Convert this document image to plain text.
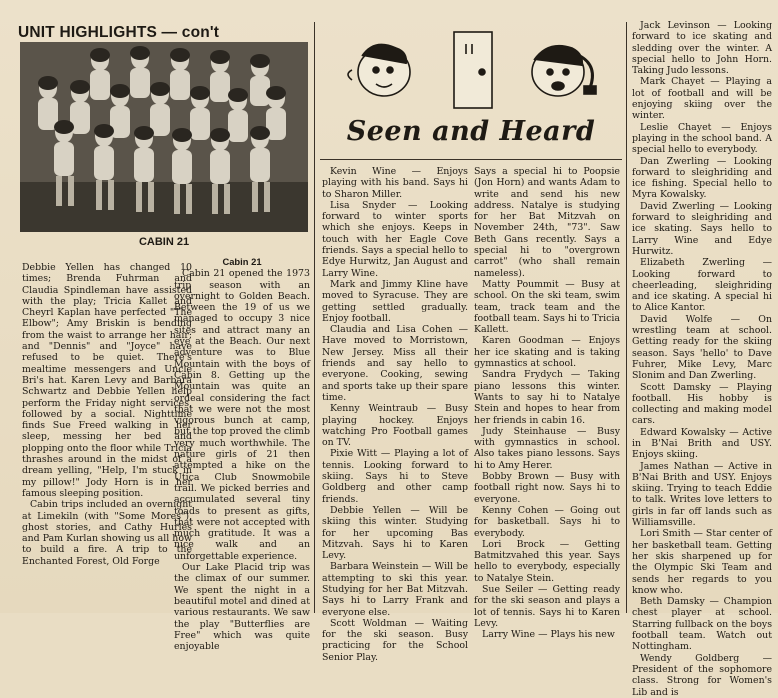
UNIT HIGHLIGHTS — con't
CABIN 21

Debbie Yellen has changed 10 times; Brenda Fuhrman and Claudia Spindleman have assisted with the play; Tricia Kallet and Cheyrl Kaplan have perfected "The Elbow"; Amy Briskin is bending from the waist to arrange her hair; and "Dennis" and "Joyce" have refused to be quiet. There's mealtime messengers and Uncle Bri's hat. Karen Levy and Barbara Schwartz and Debbie Yellen help perform the Friday night services, followed by a social. Nighttime finds Sue Freed walking in her sleep, messing her bed and plopping onto the floor while Tricia thrashes around in the midst of a dream yelling, "Help, I'm stuck in my pillow!" Jody Horn is in her famous sleeping position.

Cabin trips included an overnight at Limekiln (with "Some Mores"), ghost stories, and Cathy Hurles and Pam Kurlan showing us all how to build a fire. A trip to the Enchanted Forest, Old Forge

Cabin 21

Cabin 21 opened the 1973 trip season with an overnight to Golden Beach. Between the 19 of us we managed to occupy 3 nice sites and attract many an eye at the Beach. Our next adventure was to Blue Mountain with the boys of Cabin 8. Getting up the Mountain was quite an ordeal considering the fact that we were not the most vigorous bunch at camp, but the top proved the climb very much worthwhile. The nature girls of 21 then attempted a hike on the Utica Club Snowmobile trail. We picked berries and accumulated several tiny toads to present as gifts, that were not accepted with much gratitude. It was a nice walk and an unforgettable experience.

Our Lake Placid trip was the climax of our summer. We spent the night in a beautiful motel and dined at various restaurants. We saw the play "Butterflies are Free" which was quite enjoyable

Seen and Heard

Kevin Wine — Enjoys playing with his band. Says hi to Sharon Miller.

Lisa Snyder — Looking forward to winter sports which she enjoys. Keeps in touch with her Eagle Cove friends. Says a special hello to Edye Hurwitz, Jan August and Larry Wine.

Mark and Jimmy Kline have moved to Syracuse. They are getting settled gradually. Enjoy football.

Claudia and Lisa Cohen — Have moved to Morristown, New Jersey. Miss all their friends and say hello to everyone. Cooking, sewing and sports take up their spare time.

Kenny Weintraub — Busy playing hockey. Enjoys watching Pro Football games on TV.

Pixie Witt — Playing a lot of tennis. Looking forward to skiing. Says hi to Steve Goldberg and other camp friends.

Debbie Yellen — Will be skiing this winter. Studying for her upcoming Bas Mitzvah. Says hi to Karen Levy.

Barbara Weinstein — Will be attempting to ski this year. Studying for her Bat Mitzvah. Says hi to Larry Frank and everyone else.

Scott Woldman — Waiting for the ski season. Busy practicing for the School Senior Play.

Says a special hi to Poopsie (Jon Horn) and wants Adam to write and send his new address. Natalye is studying for her Bat Mitzvah on November 24th, "73". Saw Beth Gans recently. Says a special hi to "overgrown carrot" (who shall remain nameless).

Matty Poummit — Busy at school. On the ski team, swim team, track team and the football team. Says hi to Tricia Kallett.

Karen Goodman — Enjoys her ice skating and is taking gymnastics at school.

Sandra Frydych — Taking piano lessons this winter. Wants to say hi to Natalye Stein and hopes to hear from her friends in cabin 16.

Judy Steinhause — Busy with gymnastics in school. Also takes piano lessons. Says hi to Amy Herer.

Bobby Brown — Busy with football right now. Says hi to everyone.

Kenny Cohen — Going out for basketball. Says hi to everybody.

Lori Brock — Getting Batmitzvahed this year. Says hello to everybody, especially to Natalye Stein.

Sue Seiler — Getting ready for the ski season and plays a lot of tennis. Says hi to Karen Levy.

Larry Wine — Plays his new

Jack Levinson — Looking forward to ice skating and sledding over the winter. A special hello to John Horn. Taking Judo lessons.

Mark Chayet — Playing a lot of football and will be enjoying skiing over the winter.

Leslie Chayet — Enjoys playing in the school band. A special hello to everybody.

Dan Zwerling — Looking forward to sleighriding and ice fishing. Special hello to Myra Kowalsky.

David Zwerling — Looking forward to sleighriding and ice skating. Says hello to Larry Wine and Edye Hurwitz.

Elizabeth Zwerling — Looking forward to cheerleading, sleighriding and ice skating. A special hi to Alice Kantor.

David Wolfe — On wrestling team at school. Getting ready for the skiing season. Says 'hello' to Dave Fuhrer, Mike Levy, Marc Slonim and Dan Zwerling.

Scott Damsky — Playing football. His hobby is collecting and making model cars.

Edward Kowalsky — Active in B'Nai Brith and USY. Enjoys skiing.

James Nathan — Active in B'Nai Brith and USY. Enjoys skiing. Trying to teach Eddie to talk. Writes love letters to girls in far off lands such as Williamsville.

Lori Smith — Star center of her basketball team. Getting her skis sharpened up for the Olympic Ski Team and sends her regards to you know who.

Beth Damsky — Champion chest player at school. Starring fullback on the boys football team. Watch out Nottingham.

Wendy Goldberg — President of the sophomore class. Strong for Women's Lib and is
